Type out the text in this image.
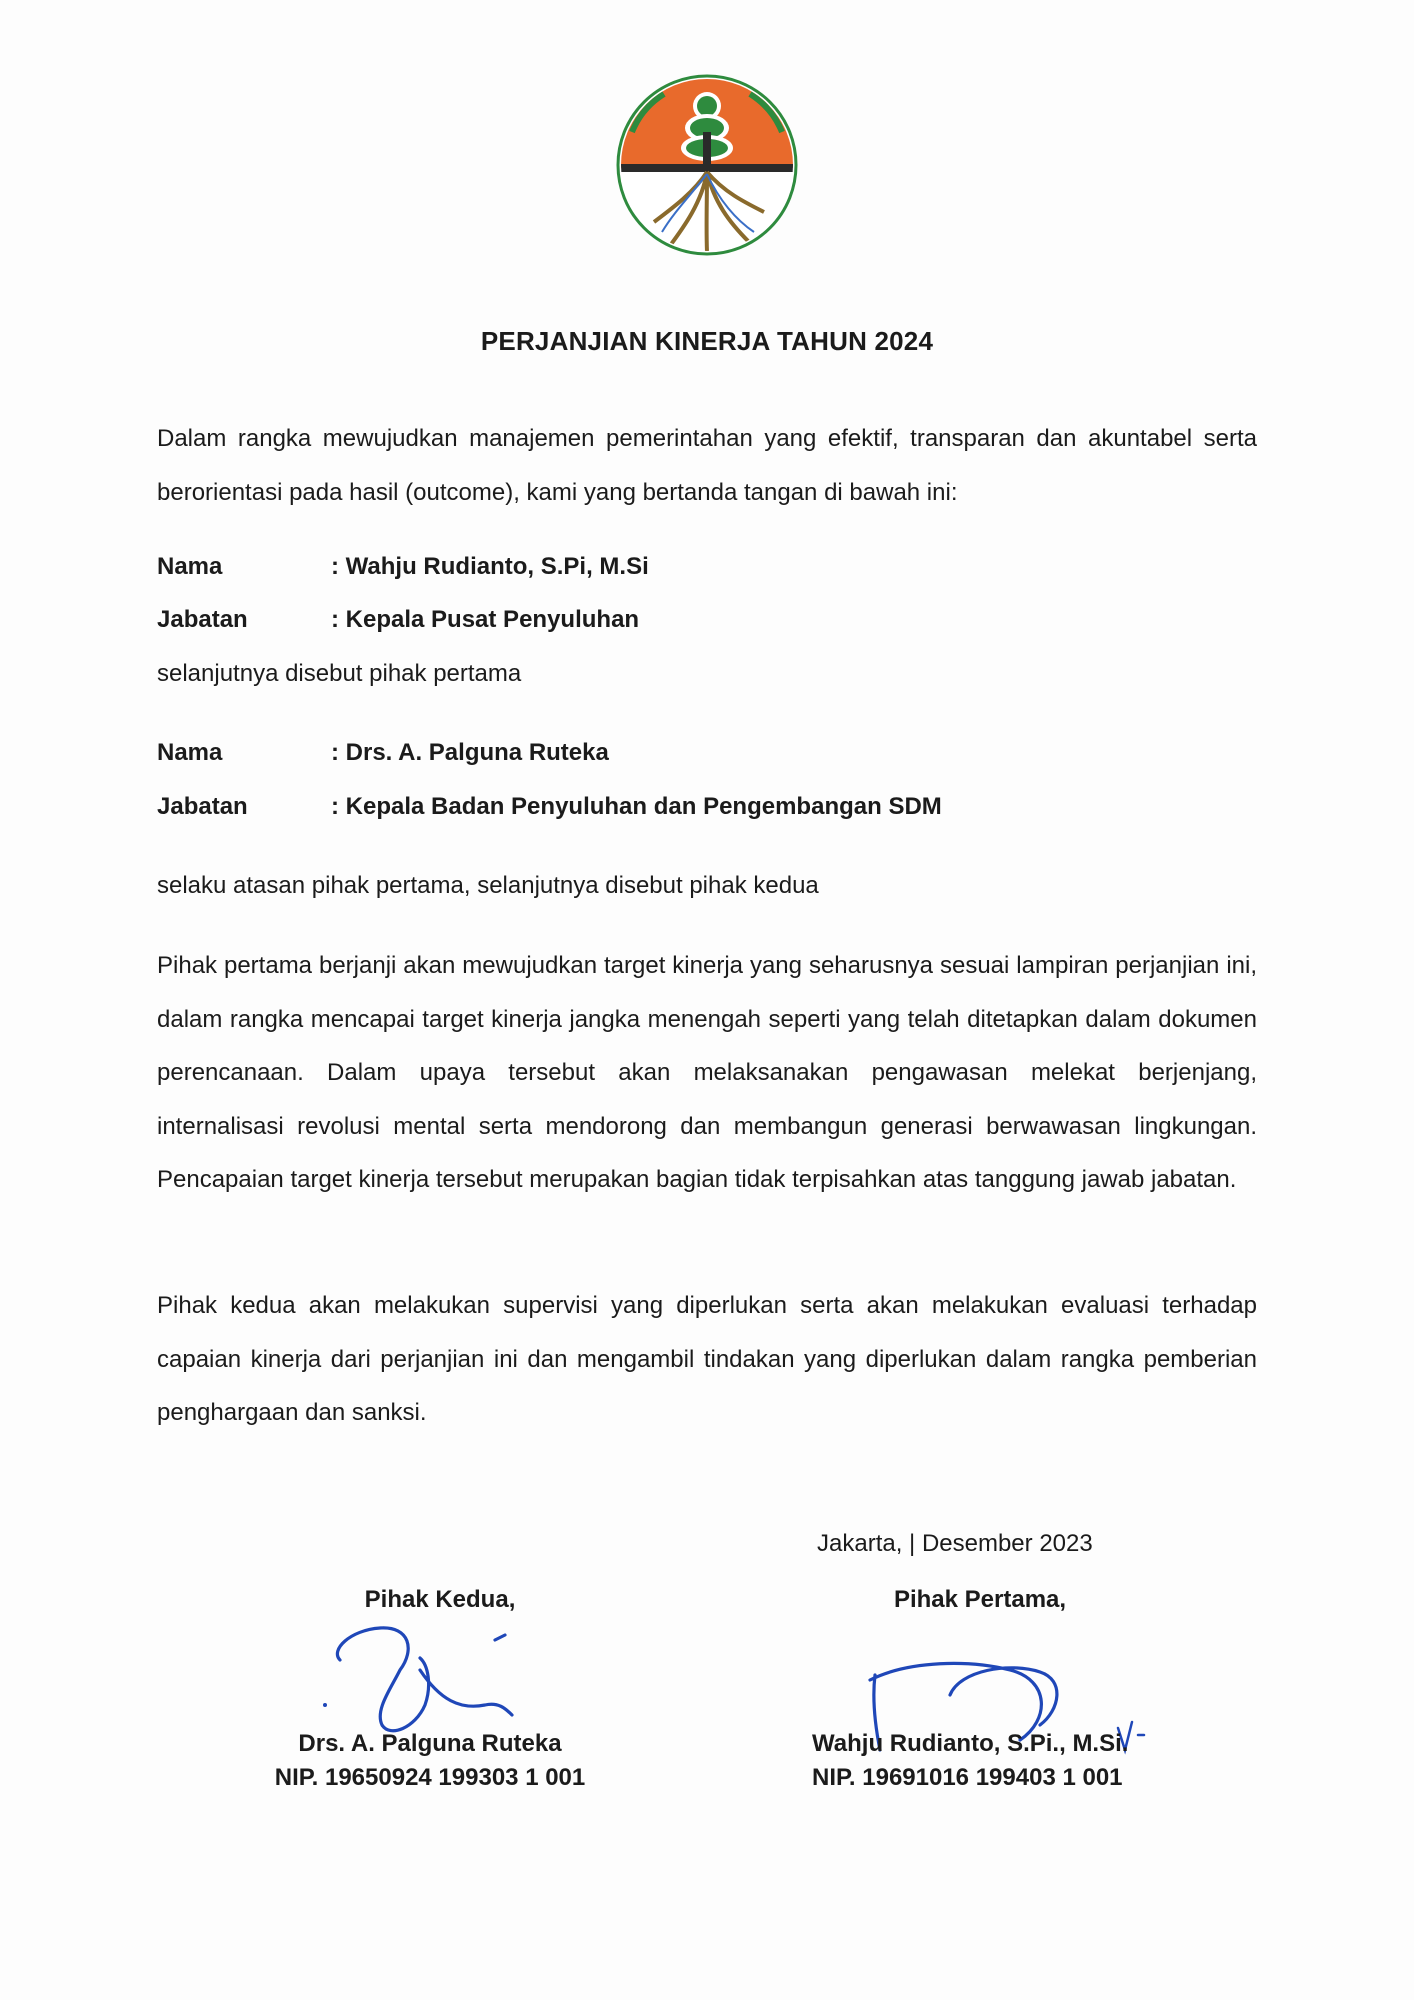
PERJANJIAN KINERJA TAHUN 2024

Dalam rangka mewujudkan manajemen pemerintahan yang efektif, transparan dan akuntabel serta berorientasi pada hasil (outcome), kami yang bertanda tangan di bawah ini:

Nama	: Wahju Rudianto, S.Pi, M.Si

Jabatan	: Kepala Pusat Penyuluhan

selanjutnya disebut pihak pertama

Nama	: Drs. A. Palguna Ruteka

Jabatan	: Kepala Badan Penyuluhan dan Pengembangan SDM

selaku atasan pihak pertama, selanjutnya disebut pihak kedua

Pihak pertama berjanji akan mewujudkan target kinerja yang seharusnya sesuai lampiran perjanjian ini, dalam rangka mencapai target kinerja jangka menengah seperti yang telah ditetapkan dalam dokumen perencanaan. Dalam upaya tersebut akan melaksanakan pengawasan melekat berjenjang, internalisasi revolusi mental serta mendorong dan membangun generasi berwawasan lingkungan. Pencapaian target kinerja tersebut merupakan bagian tidak terpisahkan atas tanggung jawab jabatan.

Pihak kedua akan melakukan supervisi yang diperlukan serta akan melakukan evaluasi terhadap capaian kinerja dari perjanjian ini dan mengambil tindakan yang diperlukan dalam rangka pemberian penghargaan dan sanksi.

Jakarta, | Desember 2023

Pihak Kedua,

Drs. A. Palguna Ruteka

NIP. 19650924 199303 1 001

Pihak Pertama,

Wahju Rudianto, S.Pi., M.Si.

NIP. 19691016 199403 1 001
